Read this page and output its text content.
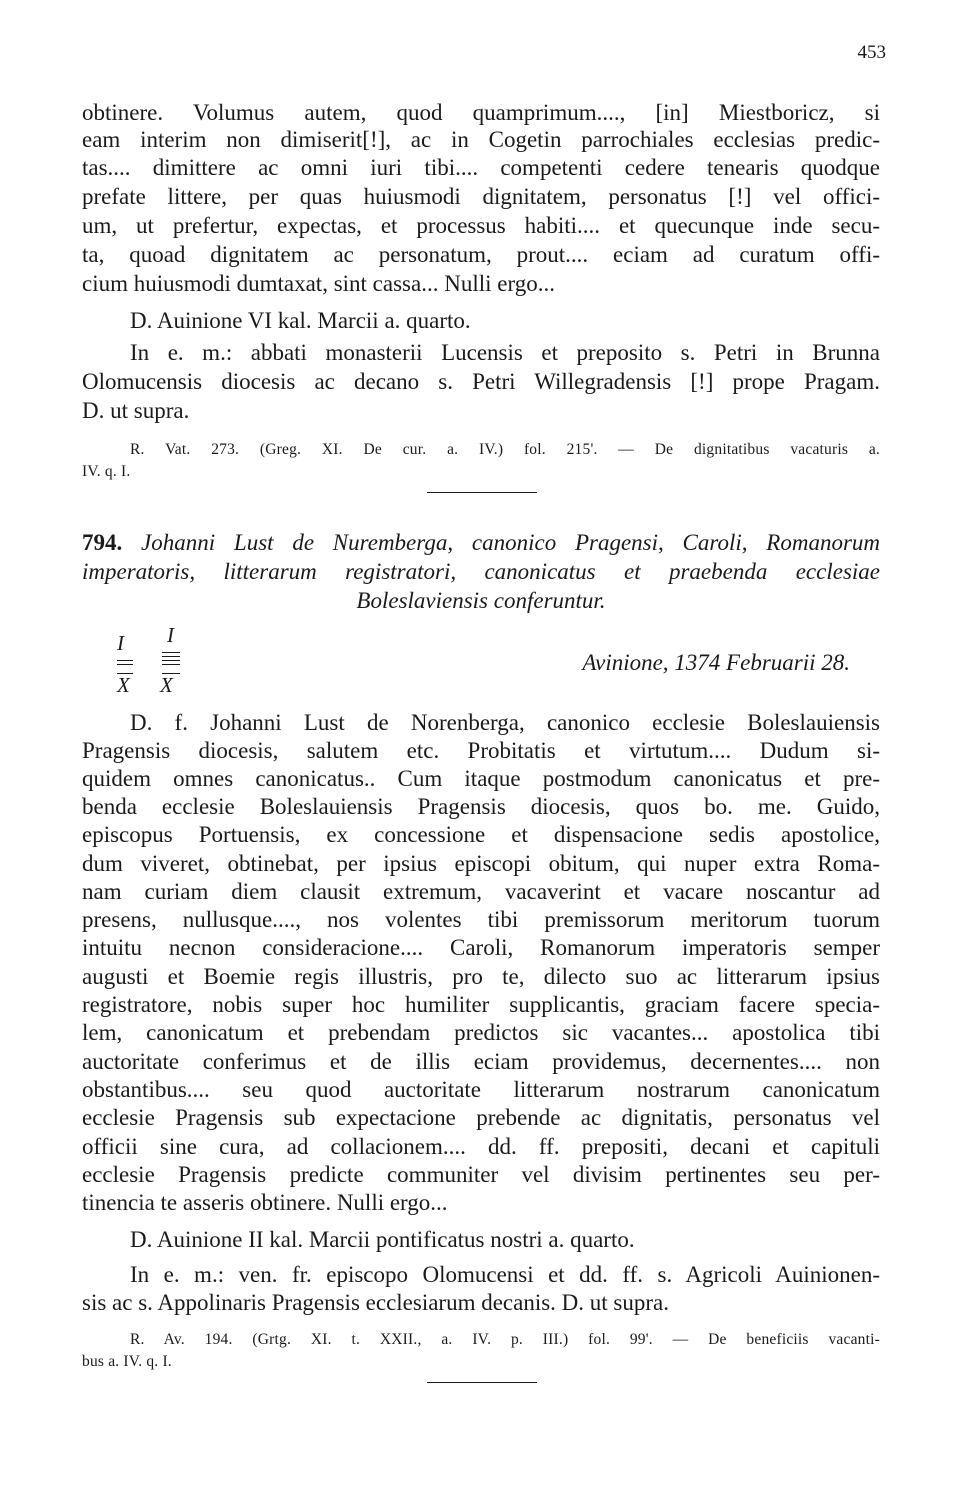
453
obtinere. Volumus autem, quod quamprimum...., [in] Miestboricz, si
eam interim non dimiserit[!], ac in Cogetin parrochiales ecclesias predic-
tas.... dimittere ac omni iuri tibi.... competenti cedere tenearis quodque
prefate littere, per quas huiusmodi dignitatem, personatus [!] vel offici-
um, ut prefertur, expectas, et processus habiti.... et quecunque inde secu-
ta, quoad dignitatem ac personatum, prout.... eciam ad curatum offi-
cium huiusmodi dumtaxat, sint cassa... Nulli ergo...
D. Auinione VI kal. Marcii a. quarto.
In e. m.: abbati monasterii Lucensis et preposito s. Petri in Brunna
Olomucensis diocesis ac decano s. Petri Willegradensis [!] prope Pragam.
D. ut supra.
R. Vat. 273. (Greg. XI. De cur. a. IV.) fol. 215'. — De dignitatibus vacaturis a.
IV. q. I.
794. Johanni Lust de Nuremberga, canonico Pragensi, Caroli, Romanorum
imperatoris, litterarum registratori, canonicatus et praebenda ecclesiae
Boleslaviensis conferuntur.
I I
X X
Avinione, 1374 Februarii 28.
D. f. Johanni Lust de Norenberga, canonico ecclesie Boleslauiensis
Pragensis diocesis, salutem etc. Probitatis et virtutum.... Dudum si-
quidem omnes canonicatus.. Cum itaque postmodum canonicatus et pre-
benda ecclesie Boleslauiensis Pragensis diocesis, quos bo. me. Guido,
episcopus Portuensis, ex concessione et dispensacione sedis apostolice,
dum viveret, obtinebat, per ipsius episcopi obitum, qui nuper extra Roma-
nam curiam diem clausit extremum, vacaverint et vacare noscantur ad
presens, nullusque...., nos volentes tibi premissorum meritorum tuorum
intuitu necnon consideracione.... Caroli, Romanorum imperatoris semper
augusti et Boemie regis illustris, pro te, dilecto suo ac litterarum ipsius
registratore, nobis super hoc humiliter supplicantis, graciam facere specia-
lem, canonicatum et prebendam predictos sic vacantes... apostolica tibi
auctoritate conferimus et de illis eciam providemus, decernentes.... non
obstantibus.... seu quod auctoritate litterarum nostrarum canonicatum
ecclesie Pragensis sub expectacione prebende ac dignitatis, personatus vel
officii sine cura, ad collacionem.... dd. ff. prepositi, decani et capituli
ecclesie Pragensis predicte communiter vel divisim pertinentes seu per-
tinencia te asseris obtinere. Nulli ergo...
D. Auinione II kal. Marcii pontificatus nostri a. quarto.
In e. m.: ven. fr. episcopo Olomucensi et dd. ff. s. Agricoli Auinionen-
sis ac s. Appolinaris Pragensis ecclesiarum decanis. D. ut supra.
R. Av. 194. (Grtg. XI. t. XXII., a. IV. p. III.) fol. 99'. — De beneficiis vacanti-
bus a. IV. q. I.
